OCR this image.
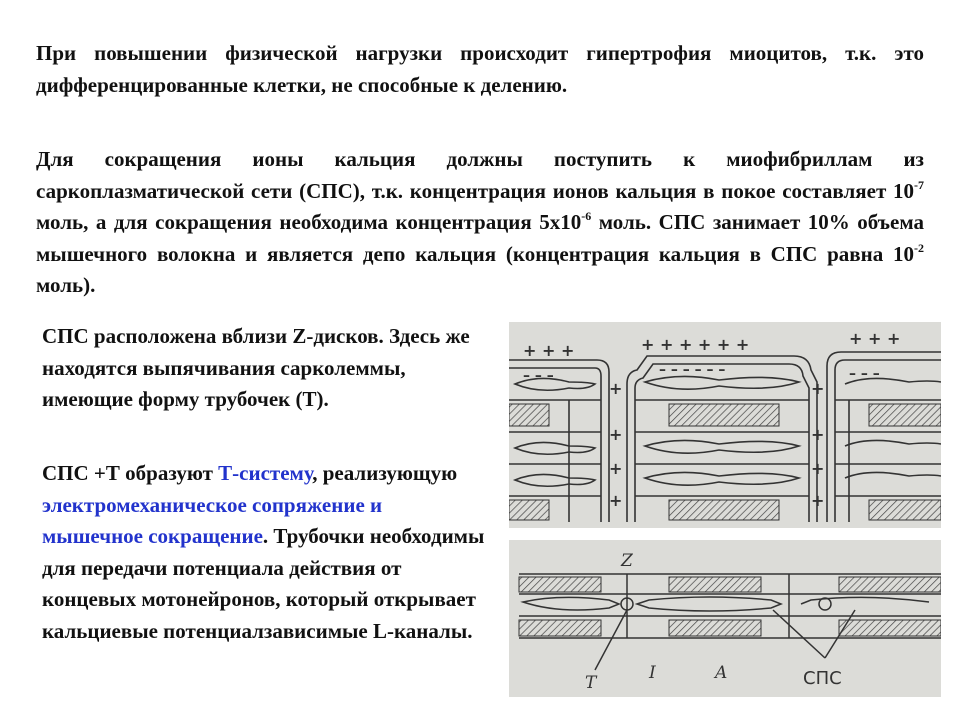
При повышении физической нагрузки происходит гипертрофия миоцитов, т.к. это дифференцированные клетки, не способные к делению.

Для сокращения ионы кальция должны поступить к миофибриллам из саркоплазматической сети (СПС), т.к. концентрация ионов кальция в покое составляет $10^{-7}$ моль, а для сокращения необходима концентрация $5х10^{-6}$ моль. СПС занимает 10% объема мышечного волокна и является депо кальция (концентрация кальция в СПС равна $10^{-2}$ моль).

СПС расположена вблизи Z-дисков. Здесь же находятся выпячивания сарколеммы, имеющие форму трубочек (Т).

СПС +Т образуют Т-систему, реализующую электромеханическое сопряжение и мышечное сокращение. Трубочки необходимы для передачи потенциала действия от концевых мотонейронов, который открывает кальциевые потенциалзависимые L-каналы.

+ + +
– – –
+ + + + + +
– – – – – –
+ + +
– – –
+
+
+
+
+
+
+
+
Z
T	I	A	СПС
